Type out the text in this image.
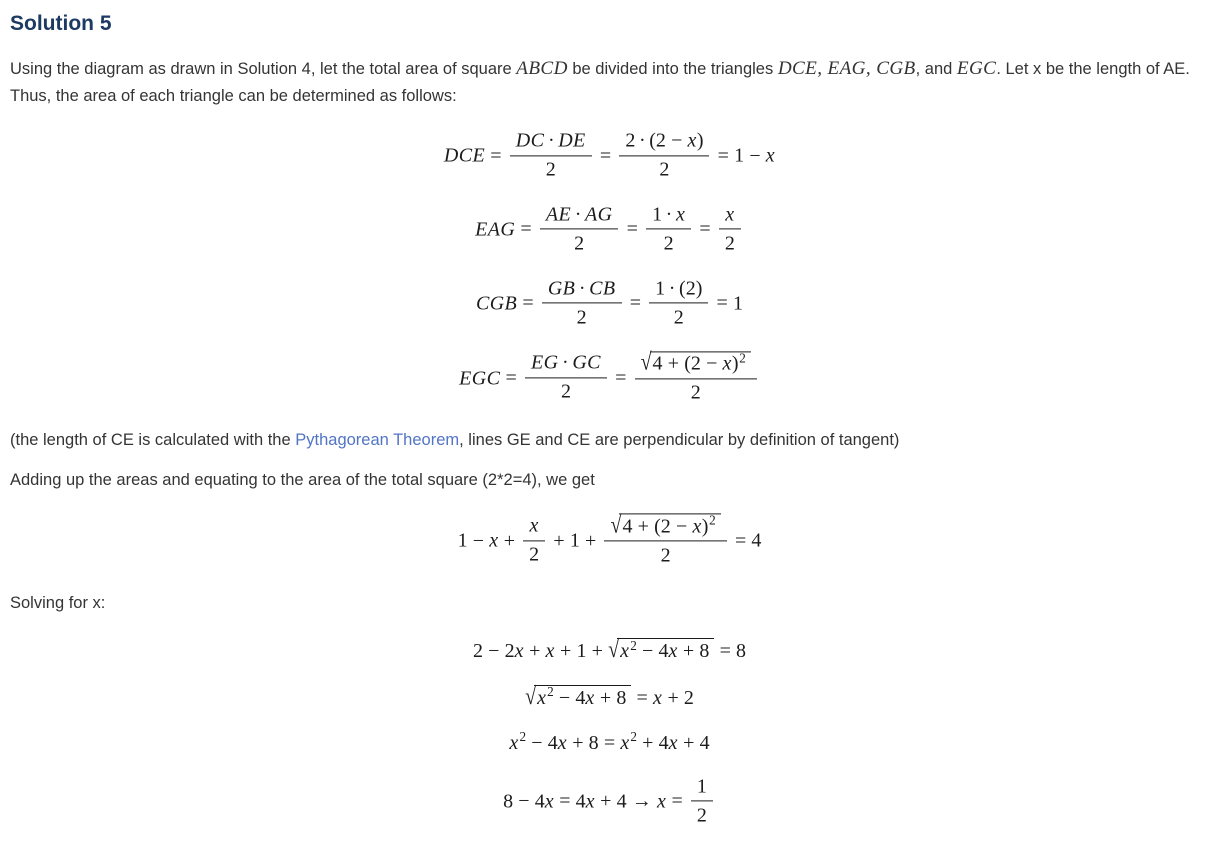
Solution 5

Using the diagram as drawn in Solution 4, let the total area of square ABCD be divided into the triangles DCE, EAG, CGB, and EGC. Let x be the length of AE. Thus, the area of each triangle can be determined as follows:

DCE = $\frac{DC \cdot DE}{2} = \frac{2 \cdot (2 - x)}{2} = 1 - x$
EAG = $\frac{AE \cdot AG}{2} = \frac{1 \cdot x}{2} = \frac{x}{2}$
CGB = $\frac{GB \cdot CB}{2} = \frac{1 \cdot (2)}{2} = 1$
EGC = $\frac{EG \cdot GC}{2} = \frac{√4 + (2 - x)^2}{2}$

(the length of CE is calculated with the Pythagorean Theorem, lines GE and CE are perpendicular by definition of tangent)

Adding up the areas and equating to the area of the total square (2*2=4), we get

$1 - x + \frac{x}{2} + 1 + \frac{√4 + (2 - x)^2}{2} = 4$

Solving for x:

$2 - 2x + x + 1 + √x^2 - 4x + 8 = 8$
$√x^2 - 4x + 8 = x + 2$
$x^2 - 4x + 8 = x^2 + 4x + 4$
$8 - 4x = 4x + 4 \to x = \frac{1}{2}$
